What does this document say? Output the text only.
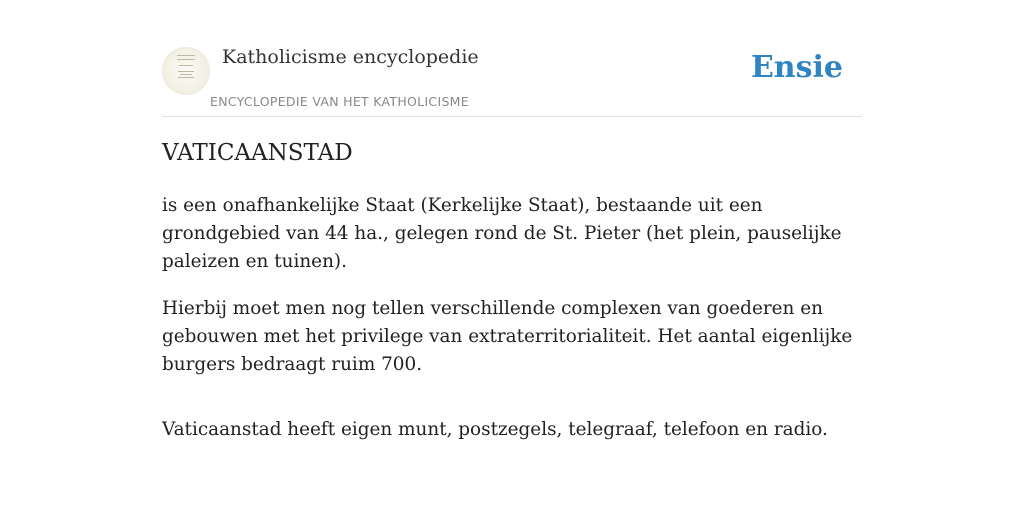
Katholicisme encyclopedie
ENCYCLOPEDIE VAN HET KATHOLICISME
Ensie
VATICAANSTAD

is een onafhankelijke Staat (Kerkelijke Staat), bestaande uit een grondgebied van 44 ha., gelegen rond de St. Pieter (het plein, pauselijke paleizen en tuinen).

Hierbij moet men nog tellen verschillende complexen van goederen en gebouwen met het privilege van extraterritorialiteit. Het aantal eigenlijke burgers bedraagt ruim 700.

Vaticaanstad heeft eigen munt, postzegels, telegraaf, telefoon en radio.
